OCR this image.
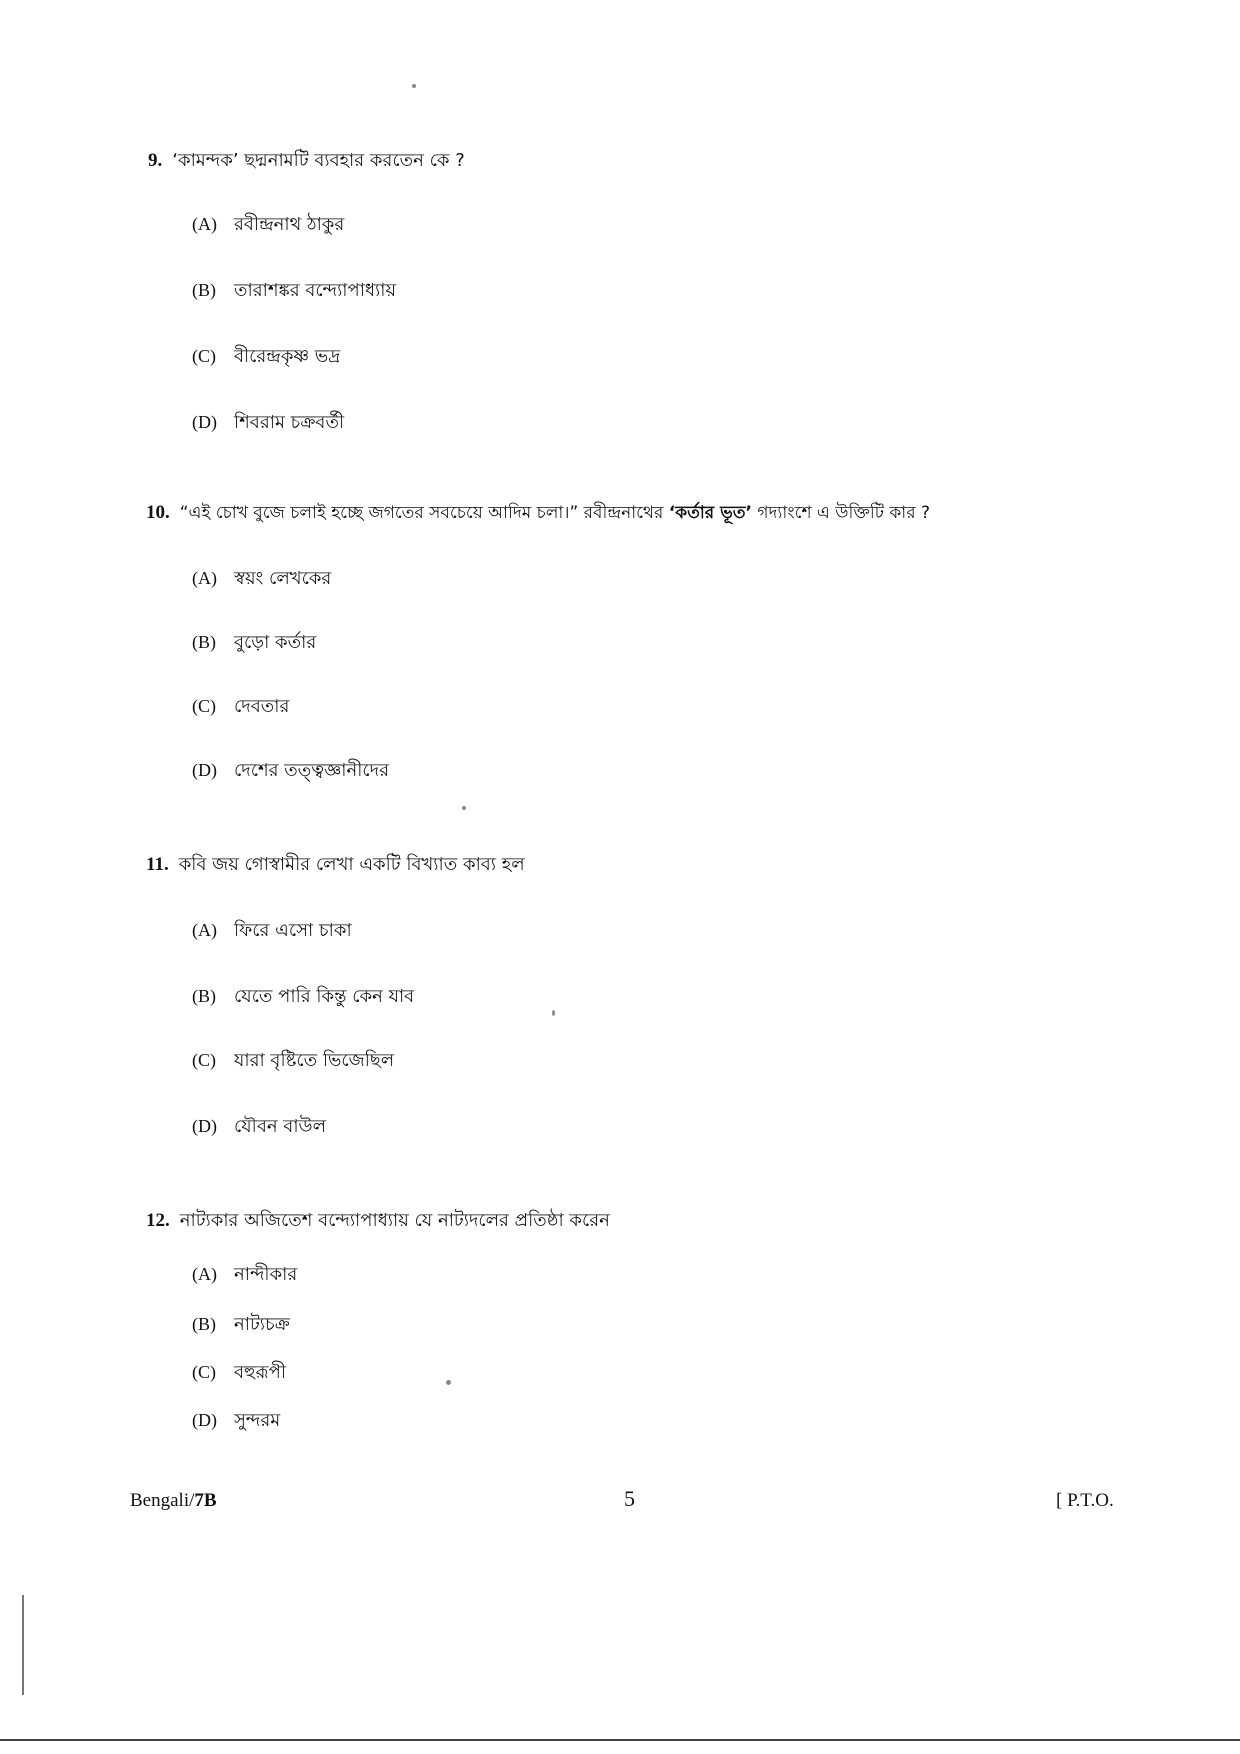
9. ‘কামন্দক’ ছদ্মনামটি ব্যবহার করতেন কে ?
(A) রবীন্দ্রনাথ ঠাকুর
(B)	তারাশঙ্কর বন্দ্যোপাধ্যায়
(C)	বীরেন্দ্রকৃষ্ণ ভদ্র
(D) শিবরাম চক্রবর্তী
10. “এই চোখ বুজে চলাই হচ্ছে জগতের সবচেয়ে আদিম চলা।” রবীন্দ্রনাথের ‘কর্তার ভূত’ গদ্যাংশে এ উক্তিটি কার ?
(A) স্বয়ং লেখকের
(B)	বুড়ো কর্তার
(C)	দেবতার
(D) দেশের তত্ত্বজ্ঞানীদের
11. কবি জয় গোস্বামীর লেখা একটি বিখ্যাত কাব্য হল
(A) ফিরে এসো চাকা
(B)	যেতে পারি কিন্তু কেন যাব
(C)	যারা বৃষ্টিতে ভিজেছিল
(D) যৌবন বাউল
12. নাট্যকার অজিতেশ বন্দ্যোপাধ্যায় যে নাট্যদলের প্রতিষ্ঠা করেন
(A) নান্দীকার
(B)	নাট্যচক্র
(C)	বহুরূপী
(D) সুন্দরম
Bengali/7B	5	[ P.T.O.
